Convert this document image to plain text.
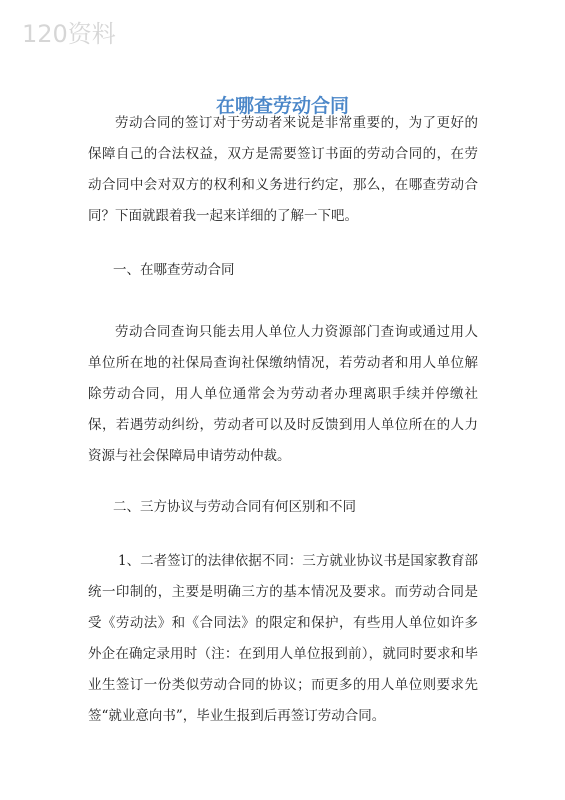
120资料
在哪查劳动合同

劳动合同的签订对于劳动者来说是非常重要的，为了更好的保障自己的合法权益，双方是需要签订书面的劳动合同的，在劳动合同中会对双方的权利和义务进行约定，那么，在哪查劳动合同？下面就跟着我一起来详细的了解一下吧。

一、在哪查劳动合同

劳动合同查询只能去用人单位人力资源部门查询或通过用人单位所在地的社保局查询社保缴纳情况，若劳动者和用人单位解除劳动合同，用人单位通常会为劳动者办理离职手续并停缴社保，若遇劳动纠纷，劳动者可以及时反馈到用人单位所在的人力资源与社会保障局申请劳动仲裁。

二、三方协议与劳动合同有何区别和不同

1、二者签订的法律依据不同：三方就业协议书是国家教育部统一印制的，主要是明确三方的基本情况及要求。而劳动合同是受《劳动法》和《合同法》的限定和保护，有些用人单位如许多外企在确定录用时（注：在到用人单位报到前），就同时要求和毕业生签订一份类似劳动合同的协议；而更多的用人单位则要求先签“就业意向书”，毕业生报到后再签订劳动合同。
